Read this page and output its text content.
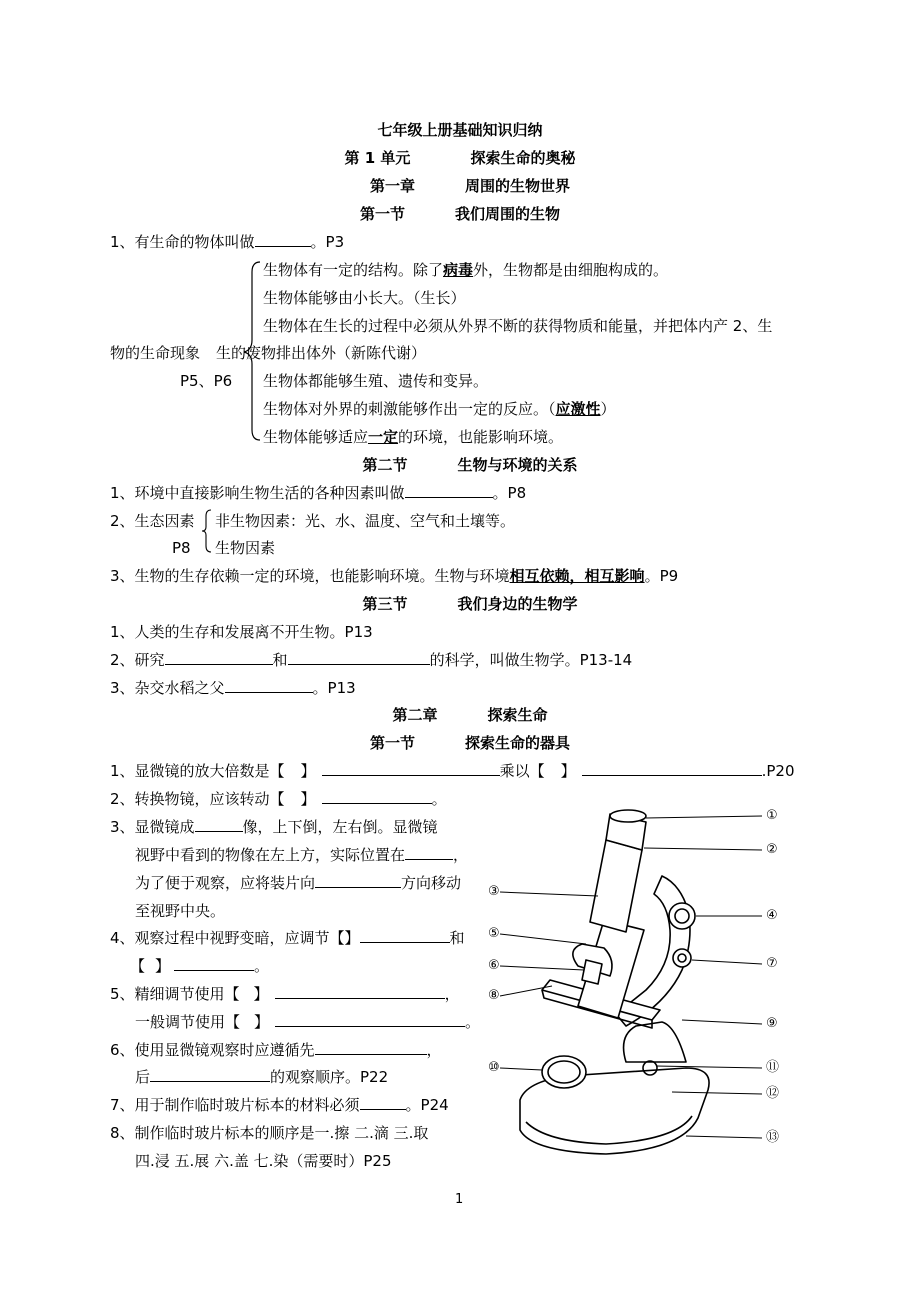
七年级上册基础知识归纳
第 1 单元	探索生命的奥秘
第一章	周围的生物世界
第一节	我们周围的生物
1、有生命的物体叫做	。P3
生物体有一定的结构。除了病毒外，生物都是由细胞构成的。
生物体能够由小长大。（生长）
生物体在生长的过程中必须从外界不断的获得物质和能量，并把体内产 2、生
物的生命现象 生的废物排出体外（新陈代谢）
P5、P6 生物体都能够生殖、遗传和变异。
生物体对外界的刺激能够作出一定的反应。（应激性）
生物体能够适应一定的环境，也能影响环境。
第二节	生物与环境的关系
1、环境中直接影响生物生活的各种因素叫做	。P8
2、生态因素 非生物因素：光、水、温度、空气和土壤等。
P8 生物因素
3、生物的生存依赖一定的环境，也能影响环境。生物与环境相互依赖，相互影响。P9
第三节	我们身边的生物学
1、人类的生存和发展离不开生物。P13
2、研究	和	的科学，叫做生物学。P13-14
3、杂交水稻之父	。P13
第二章	探索生命
第一节	探索生命的器具
1、显微镜的放大倍数是【 】	乘以【 】	.P20
2、转换物镜，应该转动【 】	。
3、显微镜成	像，上下倒，左右倒。显微镜
视野中看到的物像在左上方，实际位置在	，
为了便于观察，应将装片向	方向移动
至视野中央。
4、观察过程中视野变暗，应调节【】	和
【 】	。
5、精细调节使用【 】	，
一般调节使用【 】	。
6、使用显微镜观察时应遵循先	，
后	的观察顺序。P22
7、用于制作临时玻片标本的材料必须	。P24
8、制作临时玻片标本的顺序是一.擦 二.滴 三.取
四.浸 五.展 六.盖 七.染（需要时）P25
①
②
③
④
⑤
⑥	⑦
⑧
⑨
⑩	⑪
⑫
⑬
1
